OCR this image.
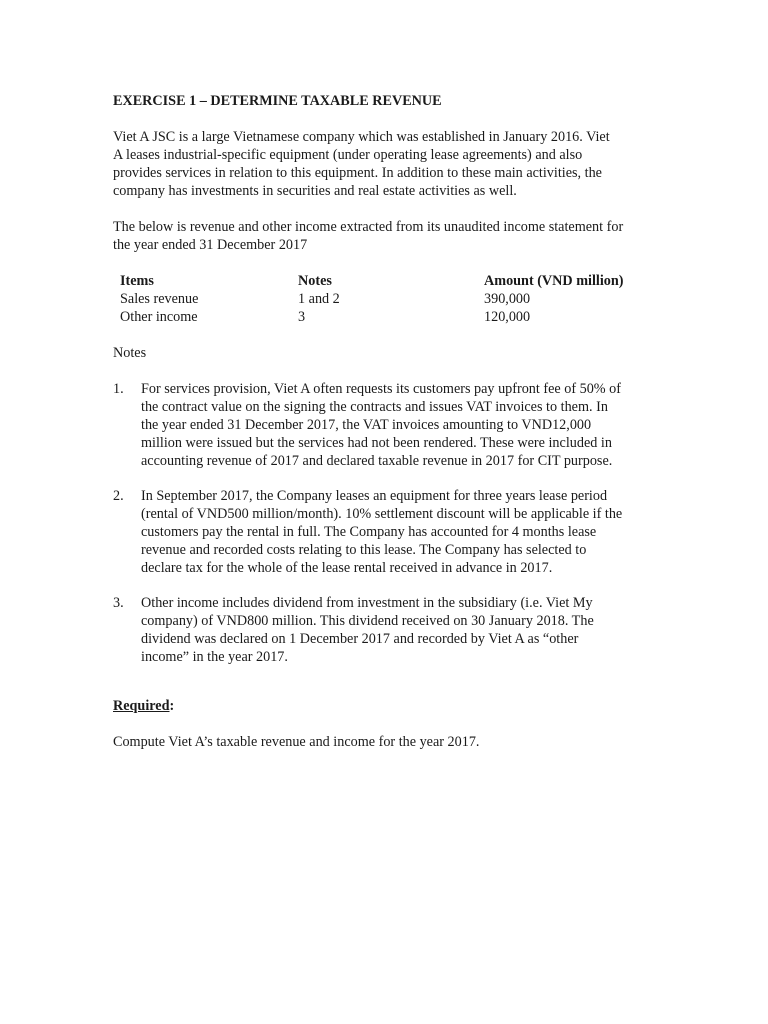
EXERCISE 1 – DETERMINE TAXABLE REVENUE
Viet A JSC is a large Vietnamese company which was established in January 2016. Viet
A leases industrial-specific equipment (under operating lease agreements) and also
provides services in relation to this equipment. In addition to these main activities, the
company has investments in securities and real estate activities as well.
The below is revenue and other income extracted from its unaudited income statement for
the year ended 31 December 2017
Items	Notes	Amount (VND million)
Sales revenue	1 and 2	390,000
Other income	3	120,000
Notes
1. For services provision, Viet A often requests its customers pay upfront fee of 50% of
the contract value on the signing the contracts and issues VAT invoices to them. In
the year ended 31 December 2017, the VAT invoices amounting to VND12,000
million were issued but the services had not been rendered. These were included in
accounting revenue of 2017 and declared taxable revenue in 2017 for CIT purpose.
2. In September 2017, the Company leases an equipment for three years lease period
(rental of VND500 million/month). 10% settlement discount will be applicable if the
customers pay the rental in full. The Company has accounted for 4 months lease
revenue and recorded costs relating to this lease. The Company has selected to
declare tax for the whole of the lease rental received in advance in 2017.
3. Other income includes dividend from investment in the subsidiary (i.e. Viet My
company) of VND800 million. This dividend received on 30 January 2018. The
dividend was declared on 1 December 2017 and recorded by Viet A as “other
income” in the year 2017.
Required:
Compute Viet A’s taxable revenue and income for the year 2017.
